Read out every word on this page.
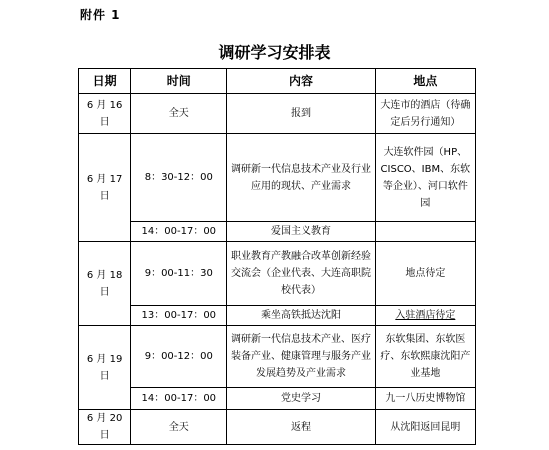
附件 1
调研学习安排表
日期	时间	内容	地点
6 月 16 日	全天	报到	大连市的酒店（待确定后另行通知）
6 月 17 日	8：30-12：00	调研新一代信息技术产业及行业应用的现状、产业需求	大连软件园（HP、CISCO、IBM、东软等企业）、河口软件园
	14：00-17：00	爱国主义教育	
6 月 18 日	9：00-11：30	职业教育产教融合改革创新经验交流会（企业代表、大连高职院校代表）	地点待定
	13：00-17：00	乘坐高铁抵达沈阳	入驻酒店待定
6 月 19 日	9：00-12：00	调研新一代信息技术产业、医疗装备产业、健康管理与服务产业发展趋势及产业需求	东软集团、东软医疗、东软熙康沈阳产业基地
	14：00-17：00	党史学习	九一八历史博物馆
6 月 20 日	全天	返程	从沈阳返回昆明
